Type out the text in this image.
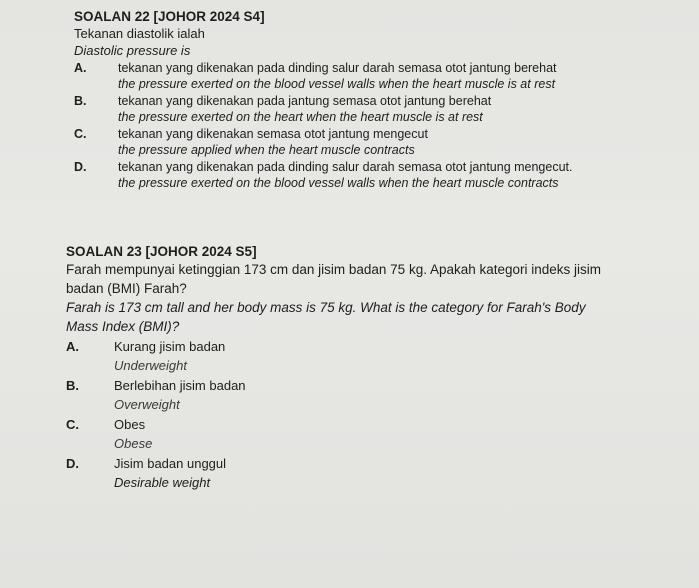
SOALAN 22 [JOHOR 2024 S4]

Tekanan diastolik ialah

Diastolic pressure is

A.	tekanan yang dikenakan pada dinding salur darah semasa otot jantung berehat
the pressure exerted on the blood vessel walls when the heart muscle is at rest
B.	tekanan yang dikenakan pada jantung semasa otot jantung berehat
the pressure exerted on the heart when the heart muscle is at rest
C.	tekanan yang dikenakan semasa otot jantung mengecut
the pressure applied when the heart muscle contracts
D.	tekanan yang dikenakan pada dinding salur darah semasa otot jantung mengecut.
the pressure exerted on the blood vessel walls when the heart muscle contracts

SOALAN 23 [JOHOR 2024 S5]

Farah mempunyai ketinggian 173 cm dan jisim badan 75 kg. Apakah kategori indeks jisim

badan (BMI) Farah?

Farah is 173 cm tall and her body mass is 75 kg. What is the category for Farah's Body

Mass Index (BMI)?

A.	Kurang jisim badan
Underweight
B.	Berlebihan jisim badan
Overweight
C.	Obes
Obese
D.	Jisim badan unggul
Desirable weight
